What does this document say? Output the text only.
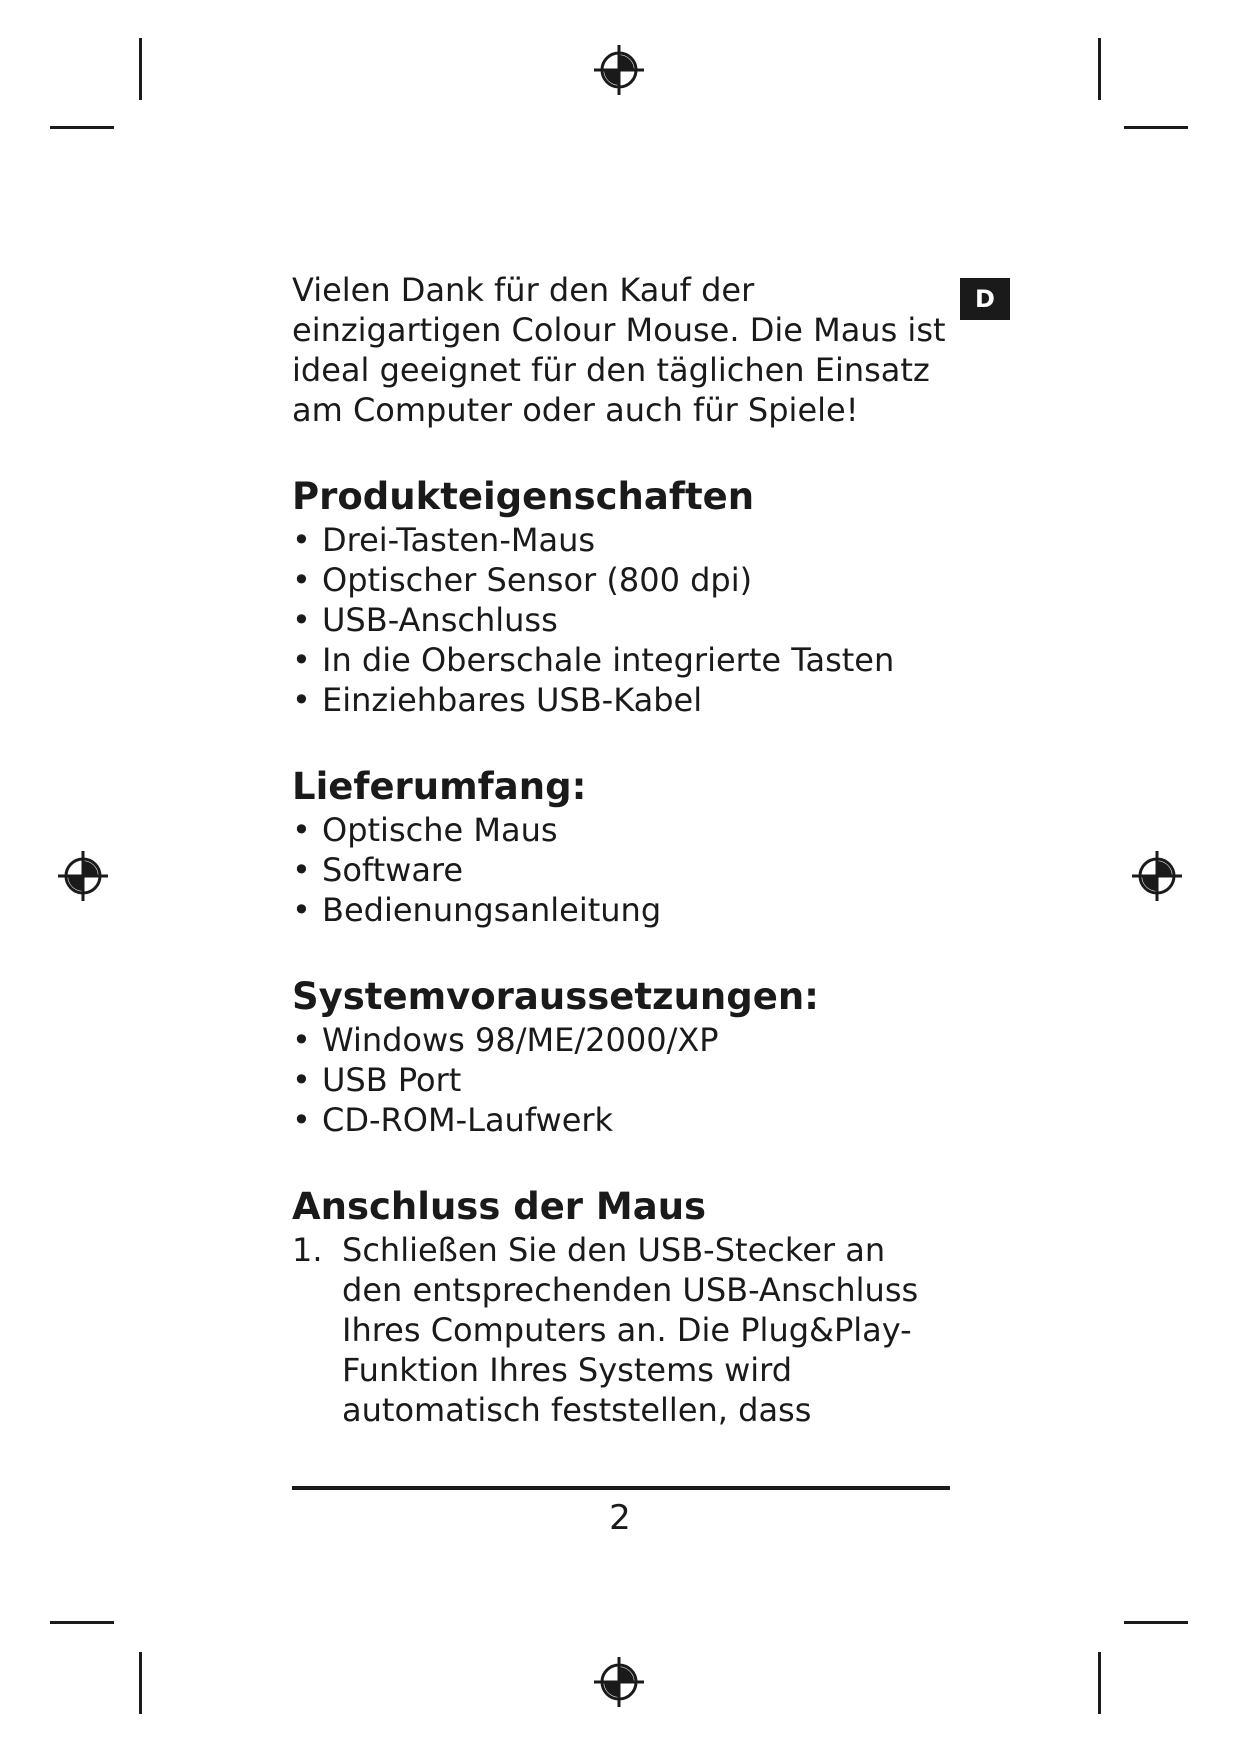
D

Vielen Dank für den Kauf der einzigartigen Colour Mouse. Die Maus ist ideal geeignet für den täglichen Einsatz am Computer oder auch für Spiele!

Produkteigenschaften
• Drei-Tasten-Maus
• Optischer Sensor (800 dpi)
• USB-Anschluss
• In die Oberschale integrierte Tasten
• Einziehbares USB-Kabel
Lieferumfang:
• Optische Maus
• Software
• Bedienungsanleitung
Systemvoraussetzungen:
• Windows 98/ME/2000/XP
• USB Port
• CD-ROM-Laufwerk
Anschluss der Maus
1. Schließen Sie den USB-Stecker an den entsprechenden USB-Anschluss Ihres Computers an. Die Plug&Play-Funktion Ihres Systems wird automatisch feststellen, dass
2
